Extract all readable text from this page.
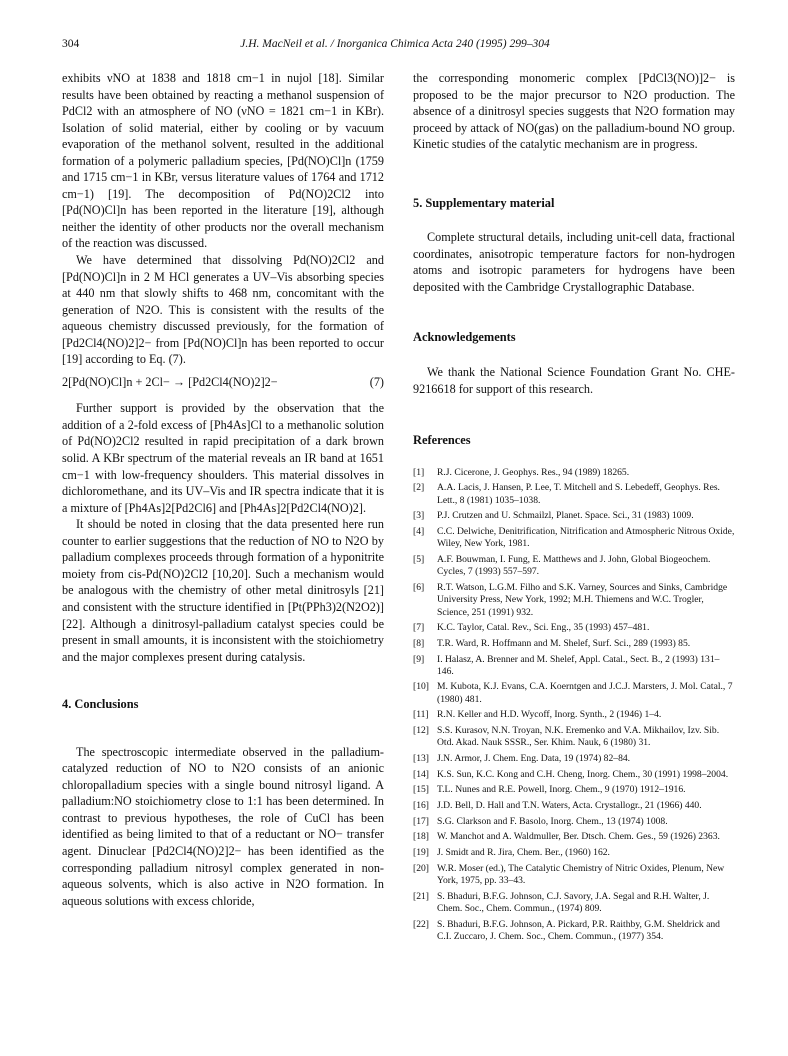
304	J.H. MacNeil et al. / Inorganica Chimica Acta 240 (1995) 299–304

exhibits νNO at 1838 and 1818 cm−1 in nujol [18]. Similar results have been obtained by reacting a methanol suspension of PdCl2 with an atmosphere of NO (νNO = 1821 cm−1 in KBr). Isolation of solid material, either by cooling or by vacuum evaporation of the methanol solvent, resulted in the additional formation of a polymeric palladium species, [Pd(NO)Cl]n (1759 and 1715 cm−1 in KBr, versus literature values of 1764 and 1712 cm−1) [19]. The decomposition of Pd(NO)2Cl2 into [Pd(NO)Cl]n has been reported in the literature [19], although neither the identity of other products nor the overall mechanism of the reaction was discussed.

We have determined that dissolving Pd(NO)2Cl2 and [Pd(NO)Cl]n in 2 M HCl generates a UV–Vis absorbing species at 440 nm that slowly shifts to 468 nm, concomitant with the generation of N2O. This is consistent with the results of the aqueous chemistry discussed previously, for the formation of [Pd2Cl4(NO)2]2− from [Pd(NO)Cl]n has been reported to occur [19] according to Eq. (7).

2[Pd(NO)Cl]n + 2Cl− → [Pd2Cl4(NO)2]2−	(7)

Further support is provided by the observation that the addition of a 2-fold excess of [Ph4As]Cl to a methanolic solution of Pd(NO)2Cl2 resulted in rapid precipitation of a dark brown solid. A KBr spectrum of the material reveals an IR band at 1651 cm−1 with low-frequency shoulders. This material dissolves in dichloromethane, and its UV–Vis and IR spectra indicate that it is a mixture of [Ph4As]2[Pd2Cl6] and [Ph4As]2[Pd2Cl4(NO)2].

It should be noted in closing that the data presented here run counter to earlier suggestions that the reduction of NO to N2O by palladium complexes proceeds through formation of a hyponitrite moiety from cis-Pd(NO)2Cl2 [10,20]. Such a mechanism would be analogous with the chemistry of other metal dinitrosyls [21] and consistent with the structure identified in [Pt(PPh3)2(N2O2)] [22]. Although a dinitrosyl-palladium catalyst species could be present in small amounts, it is inconsistent with the stoichiometry and the major complexes present during catalysis.

4. Conclusions

The spectroscopic intermediate observed in the palladium-catalyzed reduction of NO to N2O consists of an anionic chloropalladium species with a single bound nitrosyl ligand. A palladium:NO stoichiometry close to 1:1 has been determined. In contrast to previous hypotheses, the role of CuCl has been identified as being limited to that of a reductant or NO− transfer agent. Dinuclear [Pd2Cl4(NO)2]2− has been identified as the corresponding palladium nitrosyl complex generated in non-aqueous solvents, which is also active in N2O formation. In aqueous solutions with excess chloride,

the corresponding monomeric complex [PdCl3(NO)]2− is proposed to be the major precursor to N2O production. The absence of a dinitrosyl species suggests that N2O formation may proceed by attack of NO(gas) on the palladium-bound NO group. Kinetic studies of the catalytic mechanism are in progress.

5. Supplementary material

Complete structural details, including unit-cell data, fractional coordinates, anisotropic temperature factors for non-hydrogen atoms and isotropic parameters for hydrogens have been deposited with the Cambridge Crystallographic Database.

Acknowledgements

We thank the National Science Foundation Grant No. CHE-9216618 for support of this research.

References
[1]	R.J. Cicerone, J. Geophys. Res., 94 (1989) 18265.
[2]	A.A. Lacis, J. Hansen, P. Lee, T. Mitchell and S. Lebedeff, Geophys. Res. Lett., 8 (1981) 1035–1038.
[3]	P.J. Crutzen and U. Schmailzl, Planet. Space. Sci., 31 (1983) 1009.
[4]	C.C. Delwiche, Denitrification, Nitrification and Atmospheric Nitrous Oxide, Wiley, New York, 1981.
[5]	A.F. Bouwman, I. Fung, E. Matthews and J. John, Global Biogeochem. Cycles, 7 (1993) 557–597.
[6]	R.T. Watson, L.G.M. Filho and S.K. Varney, Sources and Sinks, Cambridge University Press, New York, 1992; M.H. Thiemens and W.C. Trogler, Science, 251 (1991) 932.
[7]	K.C. Taylor, Catal. Rev., Sci. Eng., 35 (1993) 457–481.
[8]	T.R. Ward, R. Hoffmann and M. Shelef, Surf. Sci., 289 (1993) 85.
[9]	I. Halasz, A. Brenner and M. Shelef, Appl. Catal., Sect. B., 2 (1993) 131–146.
[10] M. Kubota, K.J. Evans, C.A. Koerntgen and J.C.J. Marsters, J. Mol. Catal., 7 (1980) 481.
[11] R.N. Keller and H.D. Wycoff, Inorg. Synth., 2 (1946) 1–4.
[12] S.S. Kurasov, N.N. Troyan, N.K. Eremenko and V.A. Mikhailov, Izv. Sib. Otd. Akad. Nauk SSSR., Ser. Khim. Nauk, 6 (1980) 31.
[13] J.N. Armor, J. Chem. Eng. Data, 19 (1974) 82–84.
[14] K.S. Sun, K.C. Kong and C.H. Cheng, Inorg. Chem., 30 (1991) 1998–2004.
[15] T.L. Nunes and R.E. Powell, Inorg. Chem., 9 (1970) 1912–1916.
[16] J.D. Bell, D. Hall and T.N. Waters, Acta. Crystallogr., 21 (1966) 440.
[17] S.G. Clarkson and F. Basolo, Inorg. Chem., 13 (1974) 1008.
[18] W. Manchot and A. Waldmuller, Ber. Dtsch. Chem. Ges., 59 (1926) 2363.
[19] J. Smidt and R. Jira, Chem. Ber., (1960) 162.
[20] W.R. Moser (ed.), The Catalytic Chemistry of Nitric Oxides, Plenum, New York, 1975, pp. 33–43.
[21] S. Bhaduri, B.F.G. Johnson, C.J. Savory, J.A. Segal and R.H. Walter, J. Chem. Soc., Chem. Commun., (1974) 809.
[22] S. Bhaduri, B.F.G. Johnson, A. Pickard, P.R. Raithby, G.M. Sheldrick and C.I. Zuccaro, J. Chem. Soc., Chem. Commun., (1977) 354.
